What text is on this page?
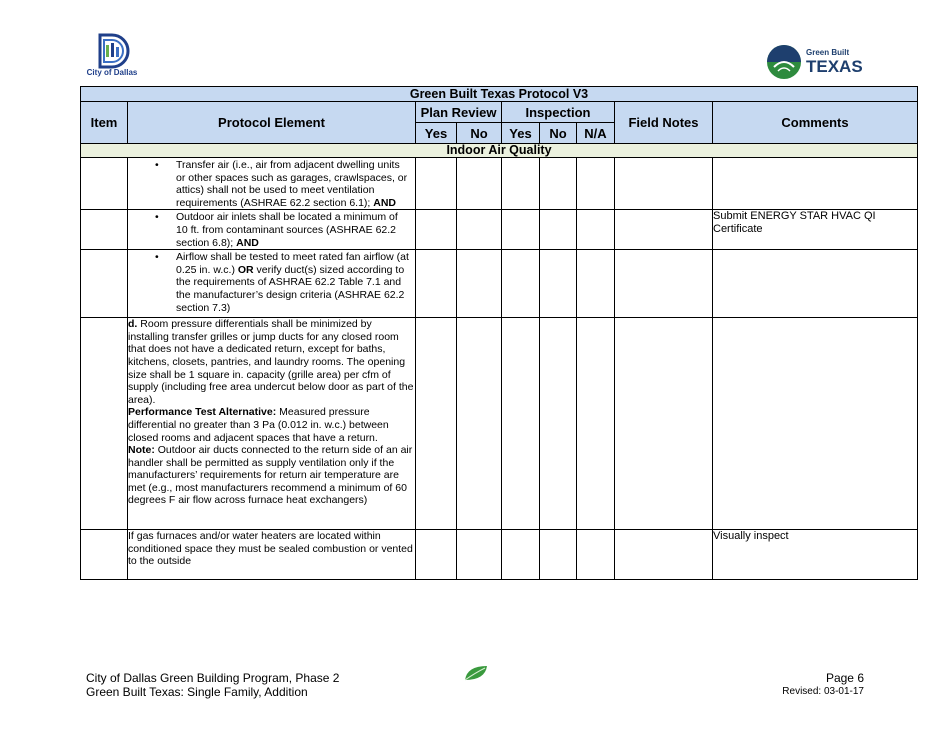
City of Dallas
Green Built
TEXAS
Green Built Texas Protocol V3								
Item	Protocol Element	Plan Review		Inspection			Field Notes	Comments
		Yes	No	Yes	No	N/A		
Indoor Air Quality								

	• Transfer air (i.e., air from adjacent dwelling units or other spaces such as garages, crawlspaces, or attics) shall not be used to meet ventilation requirements (ASHRAE 62.2 section 6.1); AND

	• Outdoor air inlets shall be located a minimum of 10 ft. from contaminant sources (ASHRAE 62.2 section 6.8); AND							Submit ENERGY STAR HVAC QI Certificate

	• Airflow shall be tested to meet rated fan airflow (at 0.25 in. w.c.) OR verify duct(s) sized according to the requirements of ASHRAE 62.2 Table 7.1 and the manufacturer’s design criteria (ASHRAE 62.2 section 7.3)

	d. Room pressure differentials shall be minimized by installing transfer grilles or jump ducts for any closed room that does not have a dedicated return, except for baths, kitchens, closets, pantries, and laundry rooms. The opening size shall be 1 square in. capacity (grille area) per cfm of supply (including free area undercut below door as part of the area).
Performance Test Alternative: Measured pressure differential no greater than 3 Pa (0.012 in. w.c.) between closed rooms and adjacent spaces that have a return.
Note: Outdoor air ducts connected to the return side of an air handler shall be permitted as supply ventilation only if the manufacturers’ requirements for return air temperature are met (e.g., most manufacturers recommend a minimum of 60 degrees F air flow across furnace heat exchangers)							
	If gas furnaces and/or water heaters are located within conditioned space they must be sealed combustion or vented to the outside							Visually inspect
City of Dallas Green Building Program, Phase 2
Green Built Texas: Single Family, Addition
Page 6
Revised: 03-01-17
